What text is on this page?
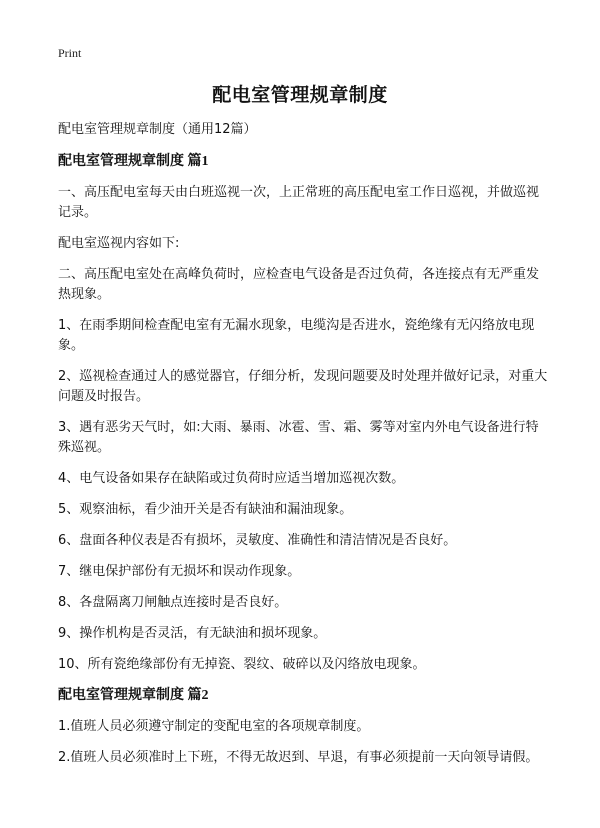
Print
配电室管理规章制度

配电室管理规章制度（通用12篇）

配电室管理规章制度 篇1

一、高压配电室每天由白班巡视一次，上正常班的高压配电室工作日巡视，并做巡视记录。

配电室巡视内容如下:

二、高压配电室处在高峰负荷时，应检查电气设备是否过负荷，各连接点有无严重发热现象。

1、在雨季期间检查配电室有无漏水现象，电缆沟是否进水，瓷绝缘有无闪络放电现象。

2、巡视检查通过人的感觉器官，仔细分析，发现问题要及时处理并做好记录，对重大问题及时报告。

3、遇有恶劣天气时，如:大雨、暴雨、冰雹、雪、霜、雾等对室内外电气设备进行特殊巡视。

4、电气设备如果存在缺陷或过负荷时应适当增加巡视次数。

5、观察油标，看少油开关是否有缺油和漏油现象。

6、盘面各种仪表是否有损坏，灵敏度、准确性和清洁情况是否良好。

7、继电保护部份有无损坏和误动作现象。

8、各盘隔离刀闸触点连接时是否良好。

9、操作机构是否灵活，有无缺油和损坏现象。

10、所有瓷绝缘部份有无掉瓷、裂纹、破碎以及闪络放电现象。

配电室管理规章制度 篇2

1.值班人员必须遵守制定的变配电室的各项规章制度。

2.值班人员必须准时上下班，不得无故迟到、早退，有事必须提前一天向领导请假。
